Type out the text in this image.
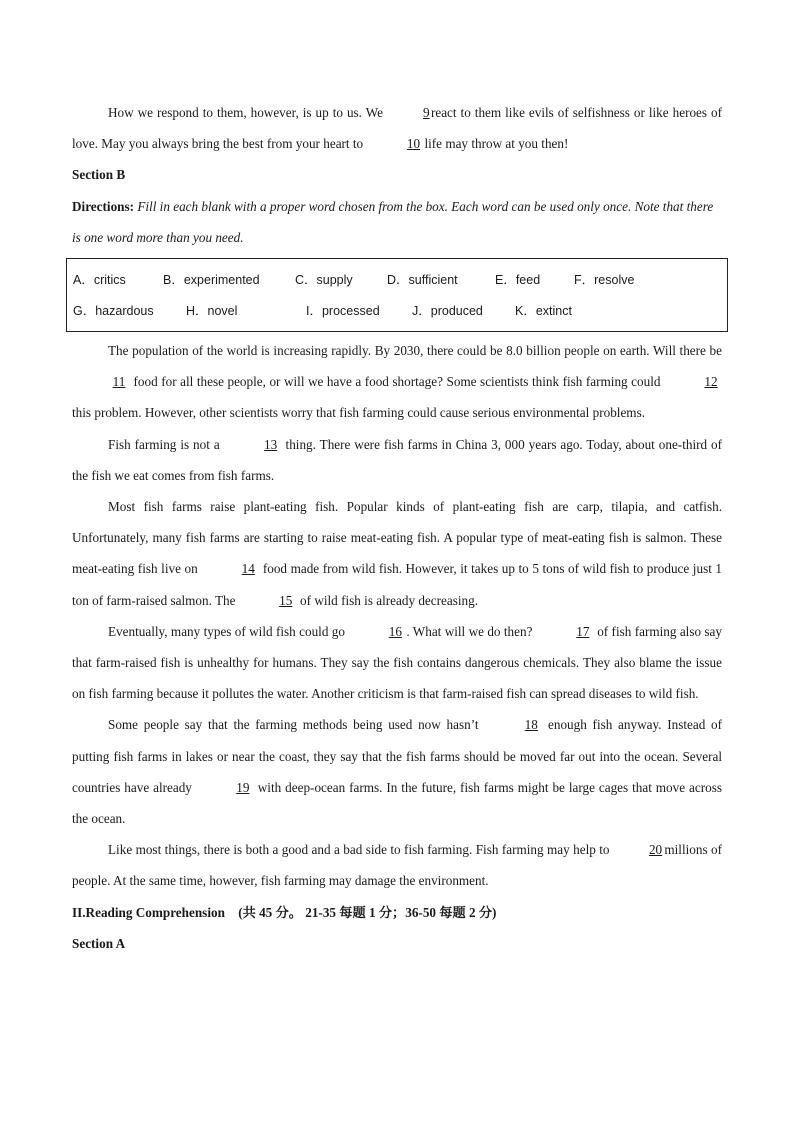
How we respond to them, however, is up to us. We	9 react to them like evils of selfishness or like heroes of love. May you always bring the best from your heart to	10 life may throw at you then!

Section B

Directions: Fill in each blank with a proper word chosen from the box. Each word can be used only once. Note that there is one word more than you need.

A．critics	B．experimented	C．supply	D．sufficient	E．feed	F．resolve
G．hazardous	H．novel	I．processed	J．produced	K．extinct

The population of the world is increasing rapidly. By 2030, there could be 8.0 billion people on earth. Will there be 11 food for all these people, or will we have a food shortage? Some scientists think fish farming could	12 this problem. However, other scientists worry that fish farming could cause serious environmental problems.

Fish farming is not a	13 thing. There were fish farms in China 3, 000 years ago. Today, about one-third of the fish we eat comes from fish farms.

Most fish farms raise plant-eating fish. Popular kinds of plant-eating fish are carp, tilapia, and catfish. Unfortunately, many fish farms are starting to raise meat-eating fish. A popular type of meat-eating fish is salmon. These meat-eating fish live on	14 food made from wild fish. However, it takes up to 5 tons of wild fish to produce just 1 ton of farm-raised salmon. The	15 of wild fish is already decreasing.

Eventually, many types of wild fish could go	16 . What will we do then?	17 of fish farming also say that farm-raised fish is unhealthy for humans. They say the fish contains dangerous chemicals. They also blame the issue on fish farming because it pollutes the water. Another criticism is that farm-raised fish can spread diseases to wild fish.

Some people say that the farming methods being used now hasn’t	18 enough fish anyway. Instead of putting fish farms in lakes or near the coast, they say that the fish farms should be moved far out into the ocean. Several countries have already	19 with deep-ocean farms. In the future, fish farms might be large cages that move across the ocean.

Like most things, there is both a good and a bad side to fish farming. Fish farming may help to	20 millions of people. At the same time, however, fish farming may damage the environment.

II.Reading Comprehension (共 45 分。 21-35 每题 1 分；36-50 每题 2 分)

Section A
